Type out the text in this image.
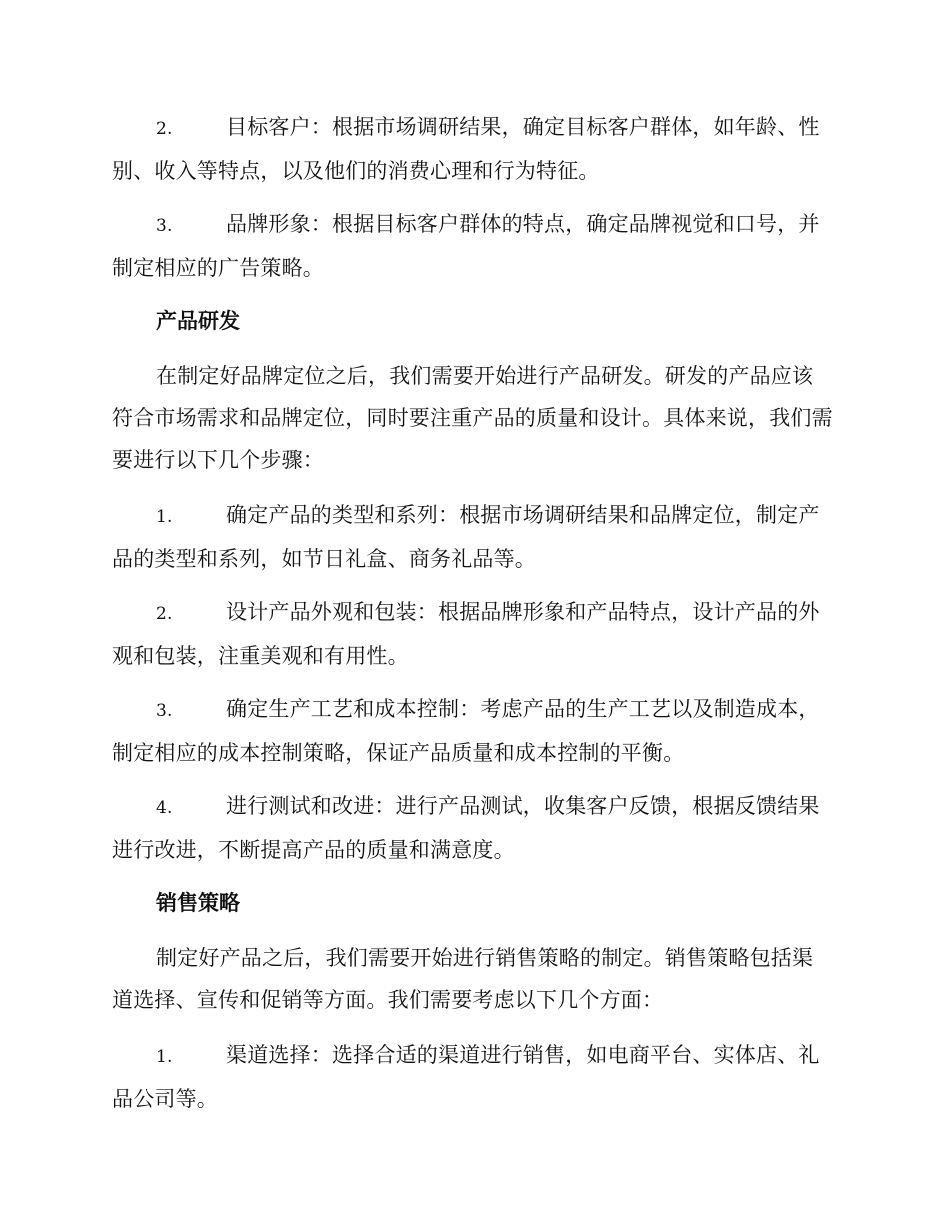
2.	目标客户：根据市场调研结果，确定目标客户群体，如年龄、性别、收入等特点，以及他们的消费心理和行为特征。
3.	品牌形象：根据目标客户群体的特点，确定品牌视觉和口号，并制定相应的广告策略。
产品研发
在制定好品牌定位之后，我们需要开始进行产品研发。研发的产品应该符合市场需求和品牌定位，同时要注重产品的质量和设计。具体来说，我们需要进行以下几个步骤：
1.	确定产品的类型和系列：根据市场调研结果和品牌定位，制定产品的类型和系列，如节日礼盒、商务礼品等。
2.	设计产品外观和包装：根据品牌形象和产品特点，设计产品的外观和包装，注重美观和有用性。
3.	确定生产工艺和成本控制：考虑产品的生产工艺以及制造成本，制定相应的成本控制策略，保证产品质量和成本控制的平衡。
4.	进行测试和改进：进行产品测试，收集客户反馈，根据反馈结果进行改进，不断提高产品的质量和满意度。
销售策略
制定好产品之后，我们需要开始进行销售策略的制定。销售策略包括渠道选择、宣传和促销等方面。我们需要考虑以下几个方面：
1.	渠道选择：选择合适的渠道进行销售，如电商平台、实体店、礼品公司等。
